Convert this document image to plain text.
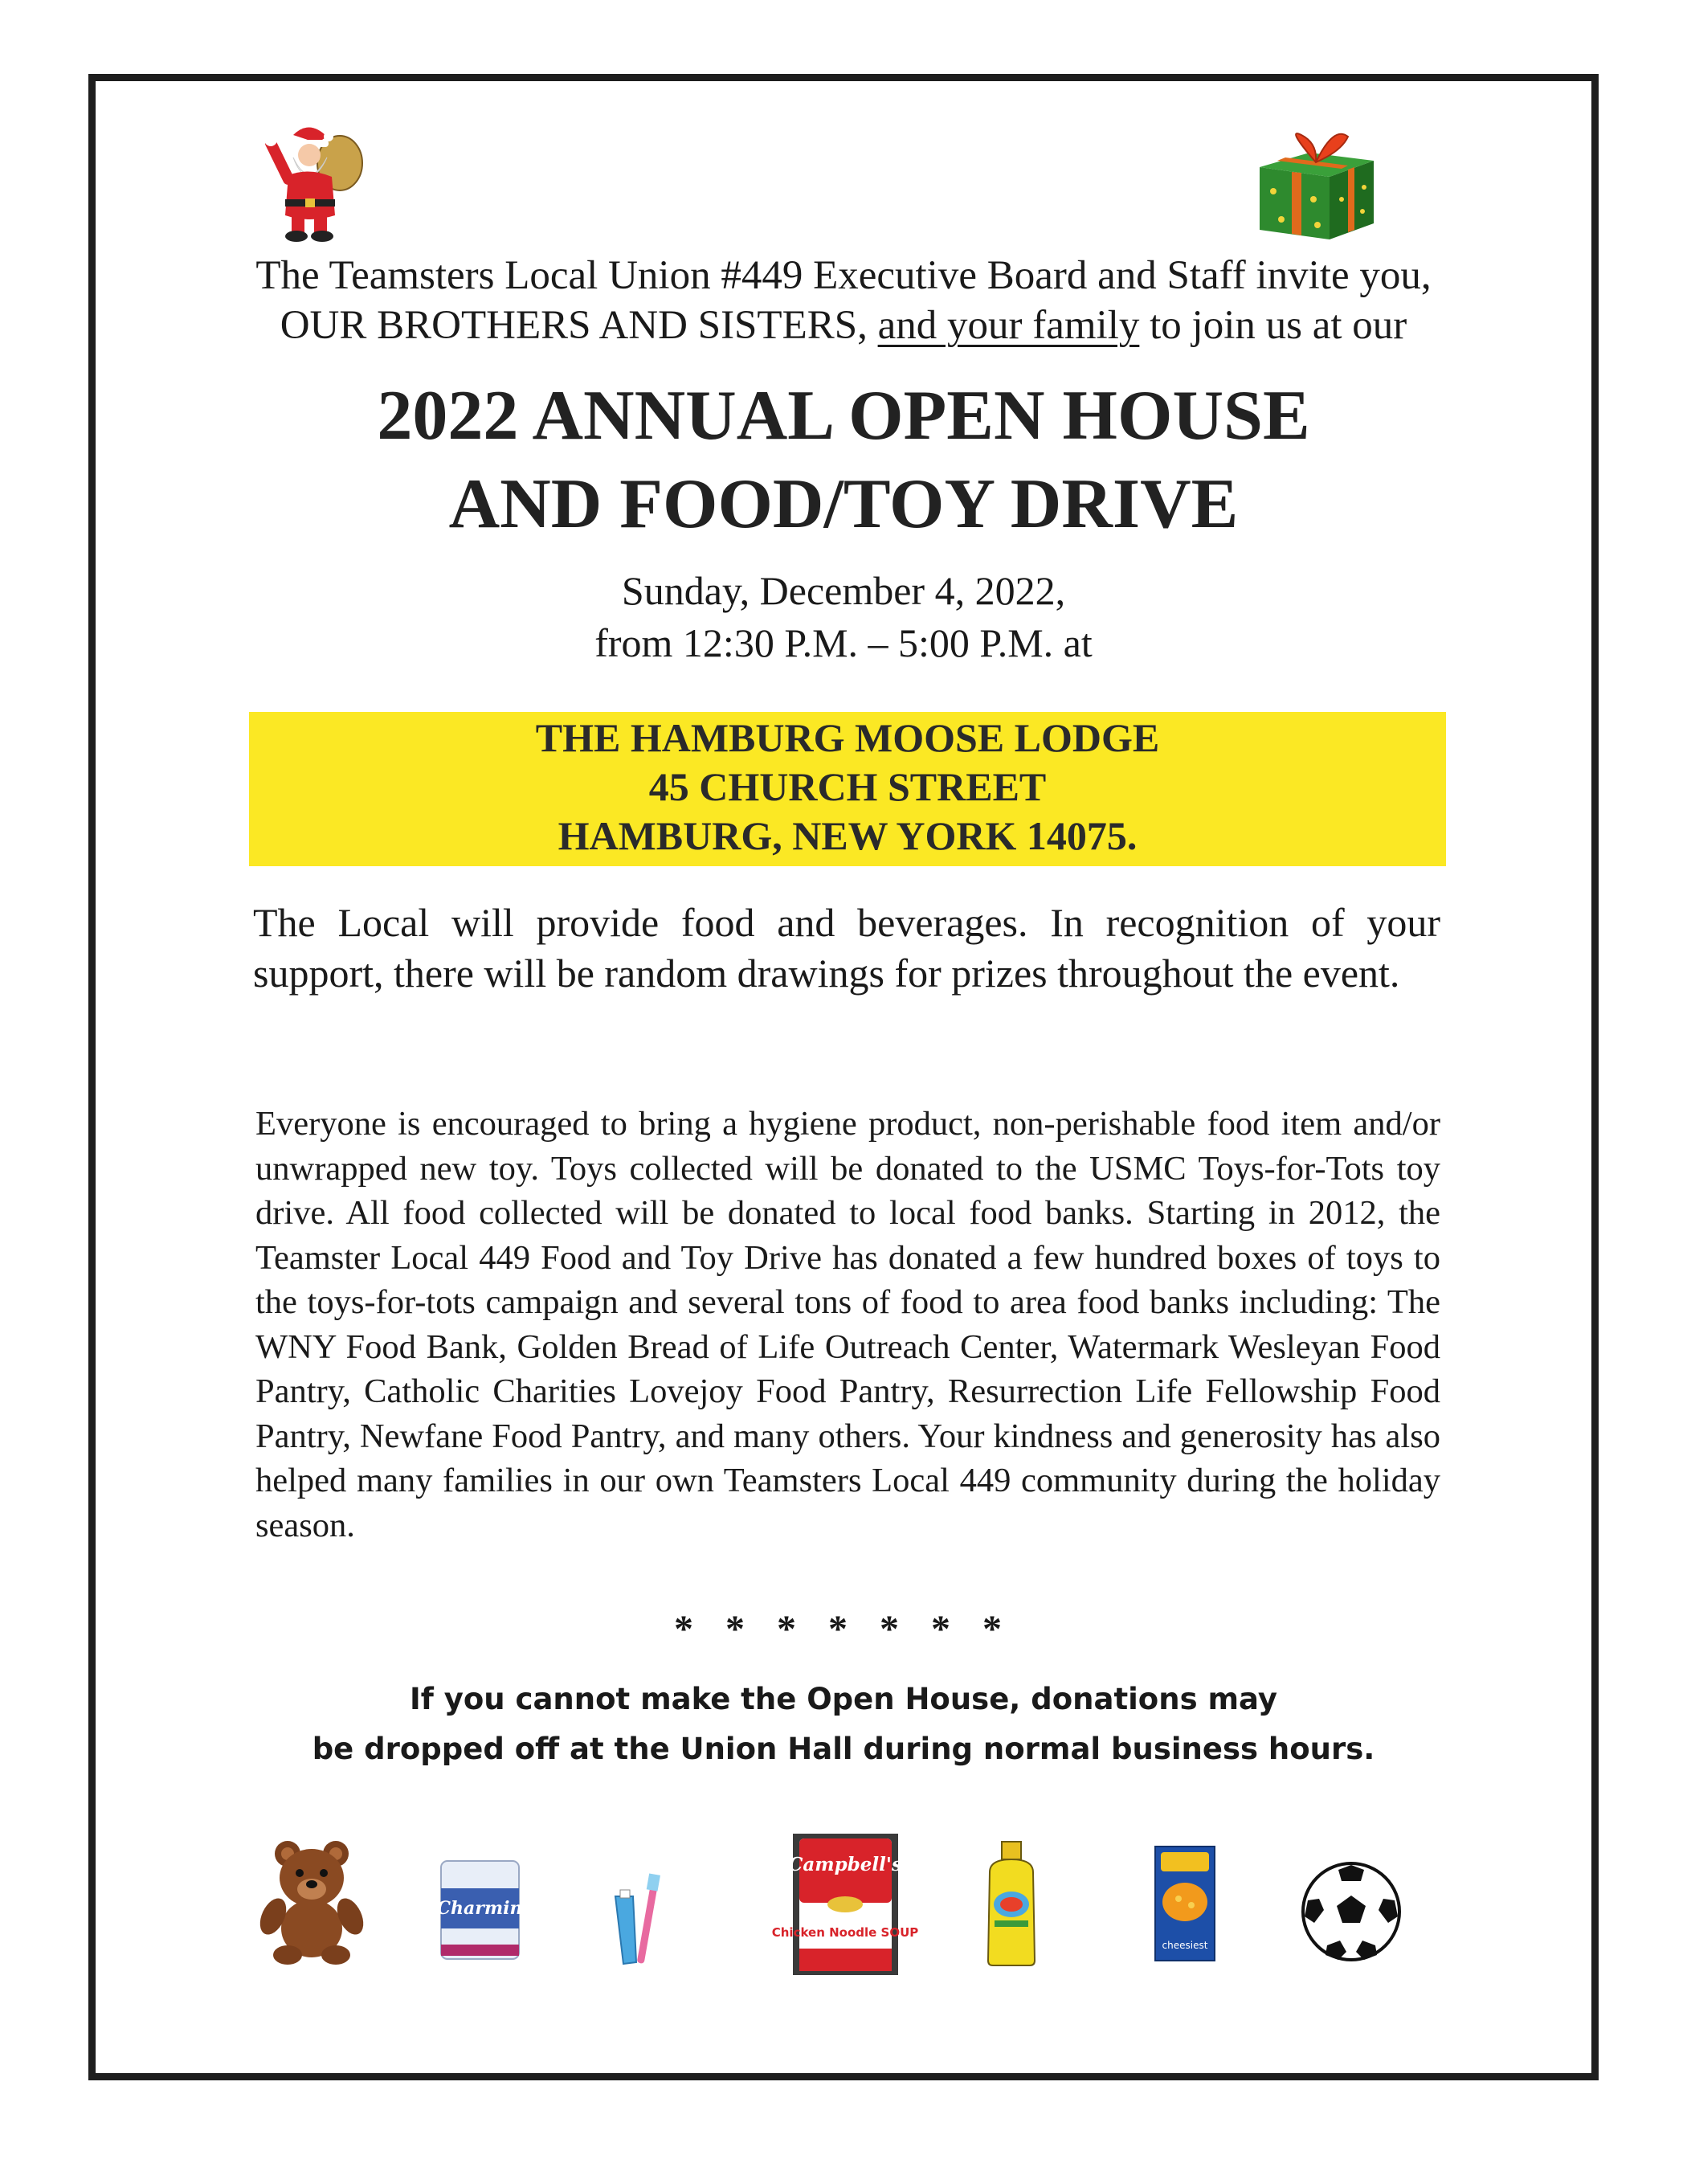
The Teamsters Local Union #449 Executive Board and Staff invite you,
OUR BROTHERS AND SISTERS, and your family to join us at our
2022 ANNUAL OPEN HOUSE
AND FOOD/TOY DRIVE
Sunday, December 4, 2022,
from 12:30 P.M. – 5:00 P.M. at
THE HAMBURG MOOSE LODGE
45 CHURCH STREET
HAMBURG, NEW YORK 14075.
The Local will provide food and beverages. In recognition of your support, there will be random drawings for prizes throughout the event.
Everyone is encouraged to bring a hygiene product, non-perishable food item and/or unwrapped new toy. Toys collected will be donated to the USMC Toys-for-Tots toy drive. All food collected will be donated to local food banks. Starting in 2012, the Teamster Local 449 Food and Toy Drive has donated a few hundred boxes of toys to the toys-for-tots campaign and several tons of food to area food banks including: The WNY Food Bank, Golden Bread of Life Outreach Center, Watermark Wesleyan Food Pantry, Catholic Charities Lovejoy Food Pantry, Resurrection Life Fellowship Food Pantry, Newfane Food Pantry, and many others. Your kindness and generosity has also helped many families in our own Teamsters Local 449 community during the holiday season.
* * * * * * *
If you cannot make the Open House, donations may
be dropped off at the Union Hall during normal business hours.
Charmin
Campbell's
Chicken Noodle SOUP
cheesiest
